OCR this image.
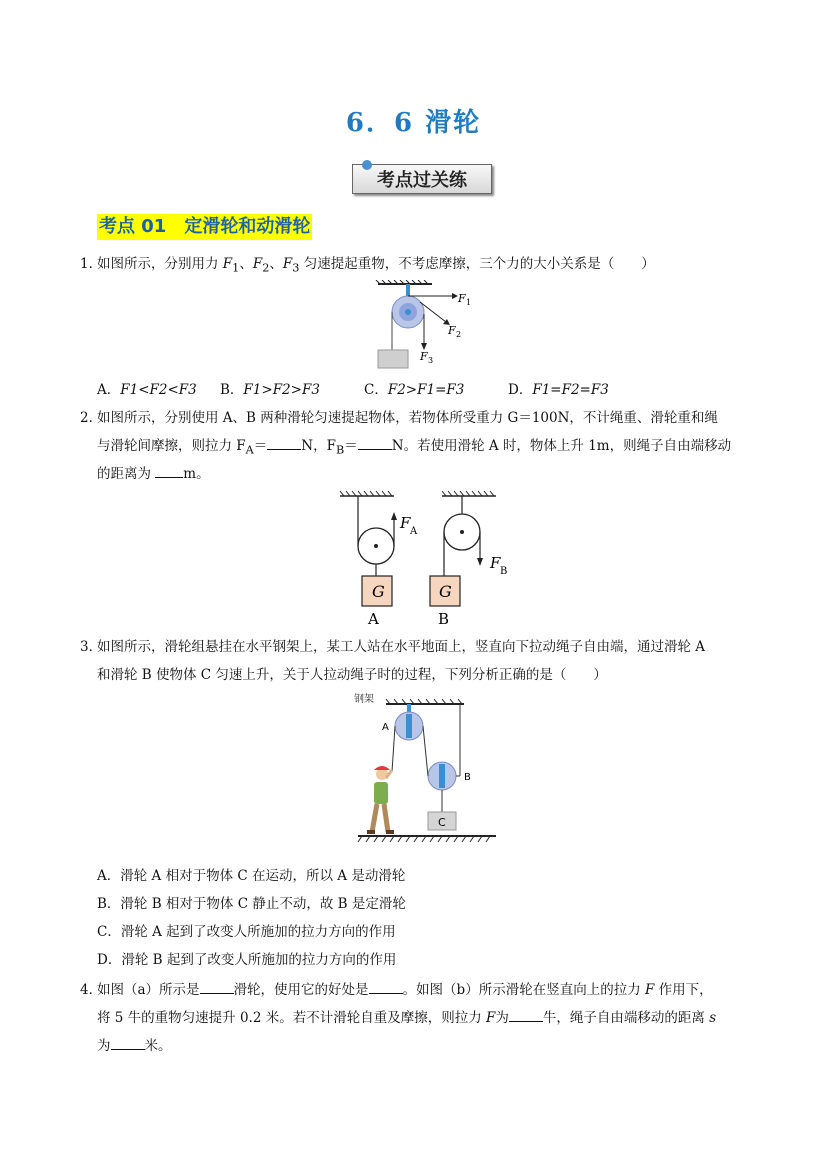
6．6 滑轮
考点过关练
考点 01　定滑轮和动滑轮
1．如图所示，分别用力 $F_1$、$F_2$、$F_3$ 匀速提起重物，不考虑摩擦，三个力的大小关系是（　　）
F 1
F 2
F 3
A．F1<F2<F3 B．F1>F2>F3	C．F2>F1=F3	D．F1=F2=F3
2．如图所示，分别使用 A、B 两种滑轮匀速提起物体，若物体所受重力 G＝100N，不计绳重、滑轮重和绳
与滑轮间摩擦，则拉力 $F_A=$	N，$F_B=$	N。若使用滑轮 A 时，物体上升 1m，则绳子自由端移动
的距离为 m。
G
A
F A
G
B
F B
3．如图所示，滑轮组悬挂在水平钢架上，某工人站在水平地面上，竖直向下拉动绳子自由端，通过滑轮 A
和滑轮 B 使物体 C 匀速上升，关于人拉动绳子时的过程，下列分析正确的是（　　）
钢架
A
B
C
A．滑轮 A 相对于物体 C 在运动，所以 A 是动滑轮
B．滑轮 B 相对于物体 C 静止不动，故 B 是定滑轮
C．滑轮 A 起到了改变人所施加的拉力方向的作用
D．滑轮 B 起到了改变人所施加的拉力方向的作用
4．如图（a）所示是	滑轮，使用它的好处是	。如图（b）所示滑轮在竖直向上的拉力 F 作用下，
将 5 牛的重物匀速提升 0.2 米。若不计滑轮自重及摩擦，则拉力 F为	牛，绳子自由端移动的距离 s
为	米。
